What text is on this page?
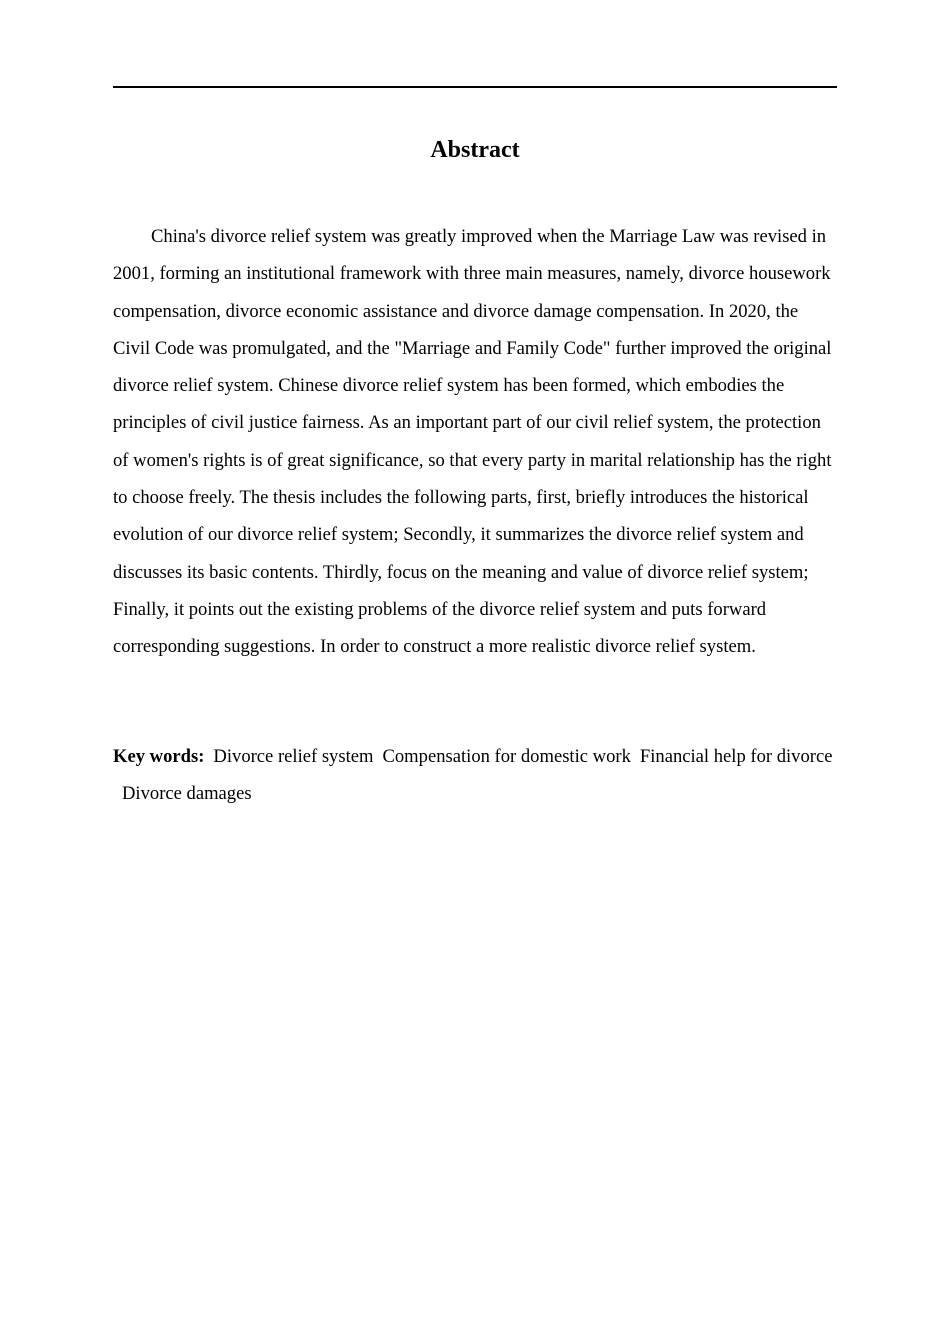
Abstract

China's divorce relief system was greatly improved when the Marriage Law was revised in 2001, forming an institutional framework with three main measures, namely, divorce housework compensation, divorce economic assistance and divorce damage compensation. In 2020, the Civil Code was promulgated, and the "Marriage and Family Code" further improved the original divorce relief system. Chinese divorce relief system has been formed, which embodies the principles of civil justice fairness. As an important part of our civil relief system, the protection of women's rights is of great significance, so that every party in marital relationship has the right to choose freely. The thesis includes the following parts, first, briefly introduces the historical evolution of our divorce relief system; Secondly, it summarizes the divorce relief system and discusses its basic contents. Thirdly, focus on the meaning and value of divorce relief system; Finally, it points out the existing problems of the divorce relief system and puts forward corresponding suggestions. In order to construct a more realistic divorce relief system.

Key words: Divorce relief system Compensation for domestic work Financial help for divorceDivorce damages
